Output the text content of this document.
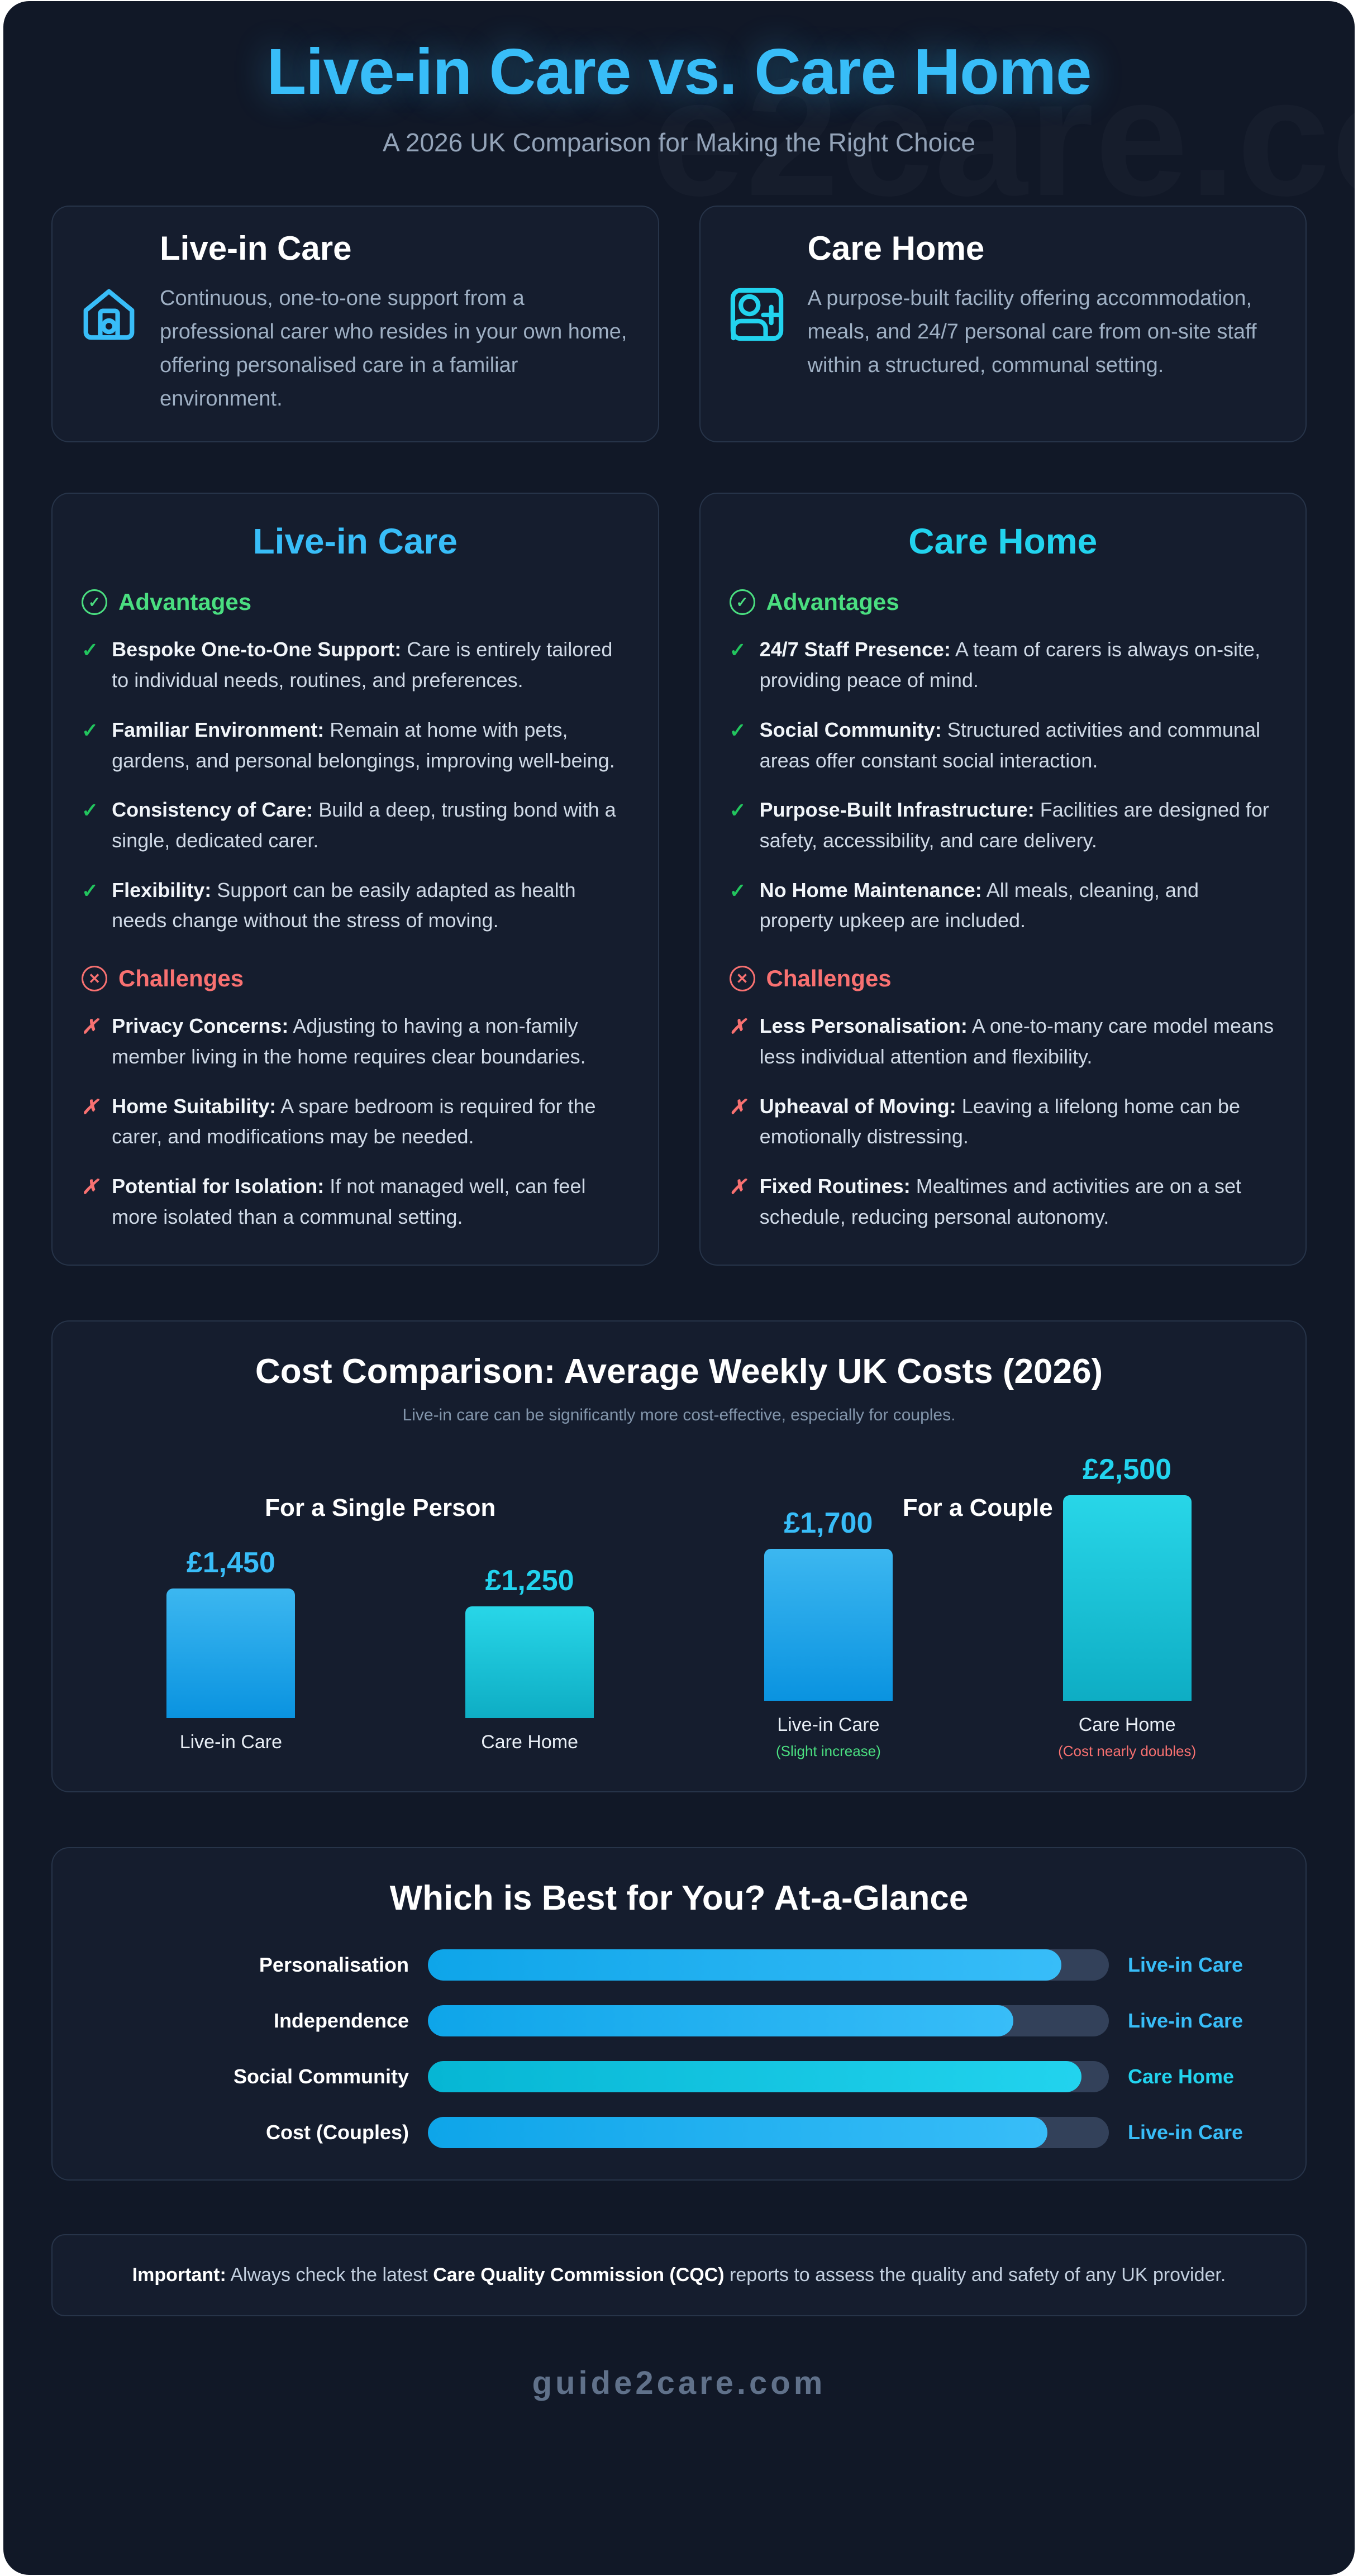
Live-in Care vs. Care Home
A 2026 UK Comparison for Making the Right Choice
Live-in Care

Continuous, one-to-one support from a professional carer who resides in your own home, offering personalised care in a familiar environment.

Care Home

A purpose-built facility offering accommodation, meals, and 24/7 personal care from on-site staff within a structured, communal setting.

Live-in Care
✓ Advantages
✓ Bespoke One-to-One Support: Care is entirely tailored to individual needs, routines, and preferences.
✓ Familiar Environment: Remain at home with pets, gardens, and personal belongings, improving well-being.
✓ Consistency of Care: Build a deep, trusting bond with a single, dedicated carer.
✓ Flexibility: Support can be easily adapted as health needs change without the stress of moving.
✕ Challenges
✗ Privacy Concerns: Adjusting to having a non-family member living in the home requires clear boundaries.
✗ Home Suitability: A spare bedroom is required for the carer, and modifications may be needed.
✗ Potential for Isolation: If not managed well, can feel more isolated than a communal setting.
Care Home
✓ Advantages
✓ 24/7 Staff Presence: A team of carers is always on-site, providing peace of mind.
✓ Social Community: Structured activities and communal areas offer constant social interaction.
✓ Purpose-Built Infrastructure: Facilities are designed for safety, accessibility, and care delivery.
✓ No Home Maintenance: All meals, cleaning, and property upkeep are included.
✕ Challenges
✗ Less Personalisation: A one-to-many care model means less individual attention and flexibility.
✗ Upheaval of Moving: Leaving a lifelong home can be emotionally distressing.
✗ Fixed Routines: Mealtimes and activities are on a set schedule, reducing personal autonomy.
Cost Comparison: Average Weekly UK Costs (2026)
Live-in care can be significantly more cost-effective, especially for couples.
For a Single Person
£1,450
Live-in Care
£1,250
Care Home
For a Couple
£1,700
Live-in Care
(Slight increase)
£2,500
Care Home
(Cost nearly doubles)
Which is Best for You? At-a-Glance
Personalisation	Live-in Care
Independence	Live-in Care
Social Community	Care Home
Cost (Couples)	Live-in Care
Important: Always check the latest Care Quality Commission (CQC) reports to assess the quality and safety of any UK provider.
guide2care.com
